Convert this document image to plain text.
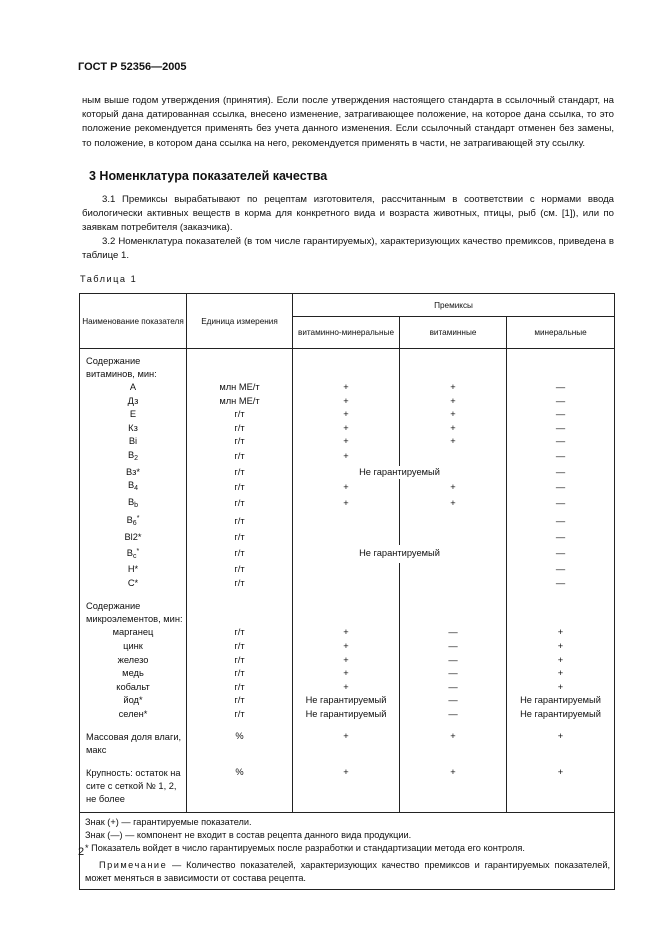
ГОСТ Р 52356—2005

ным выше годом утверждения (принятия). Если после утверждения настоящего стандарта в ссылочный стандарт, на который дана датированная ссылка, внесено изменение, затрагивающее положение, на которое дана ссылка, то это положение рекомендуется применять без учета данного изменения. Если ссылочный стандарт отменен без замены, то положение, в котором дана ссылка на него, рекомендуется применять в части, не затрагивающей эту ссылку.

3 Номенклатура показателей качества

3.1 Премиксы вырабатывают по рецептам изготовителя, рассчитанным в соответствии с нормами ввода биологически активных веществ в корма для конкретного вида и возраста животных, птицы, рыб (см. [1]), или по заявкам потребителя (заказчика).

3.2 Номенклатура показателей (в том числе гарантируемых), характеризующих качество премиксов, приведена в таблице 1.

Таблица 1
Наименование показателя	Единица измерения	Премиксы		
		витаминно-минеральные	витаминные	минеральные

Содержание витаминов, мин:				
A	млн МЕ/т	+	+	—
Дз	млн МЕ/т	+	+	—
E	г/т	+	+	—
Кз	г/т	+	+	—
Bi	г/т	+	+	—
$B_2$	г/т	+		—
Вз*	г/т	Не гарантируемый		—
$B_4$	г/т	+	+	—
$B_b$	г/т	+	+	—
$B_6^*$	г/т			—
Bl2*	г/т			—
$B_c^*$	г/т	Не гарантируемый		—
H*	г/т			—
C*	г/т			—

Содержание микроэлементов, мин:				
марганец	г/т	+	—	+
цинк	г/т	+	—	+
железо	г/т	+	—	+
медь	г/т	+	—	+
кобальт	г/т	+	—	+
йод*	г/т	Не гарантируемый	—	Не гарантируемый
селен*	г/т	Не гарантируемый	—	Не гарантируемый

Массовая доля влаги, макс	%	+	+	+

Крупность: остаток на сите с сеткой № 1, 2, не более	%	+	+	+

Знак (+) — гарантируемые показатели.

Знак (—) — компонент не входит в состав рецепта данного вида продукции.

* Показатель войдет в число гарантируемых после разработки и стандартизации метода его контроля.

Примечание — Количество показателей, характеризующих качество премиксов и гарантируемых показателей, может меняться в зависимости от состава рецепта.				

2
